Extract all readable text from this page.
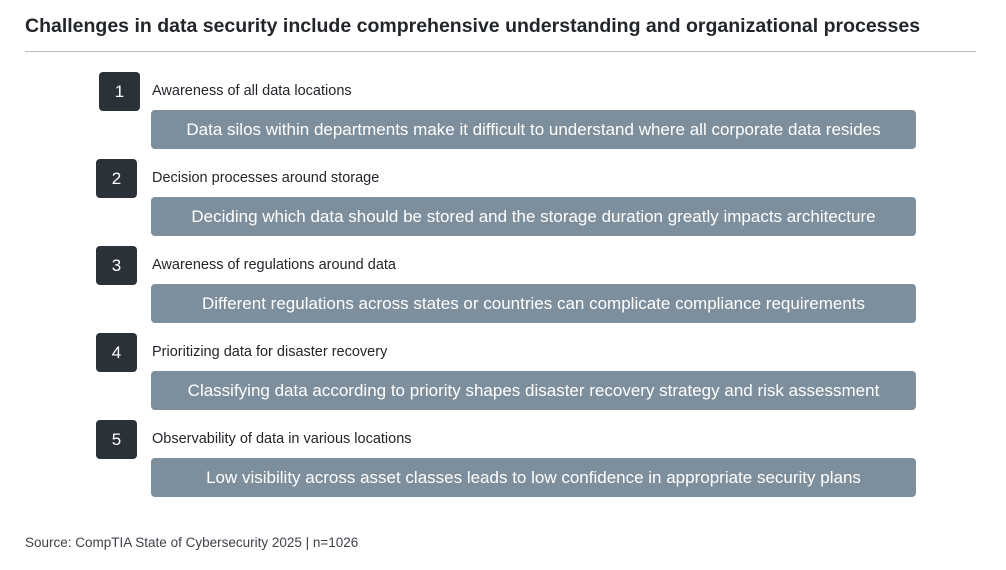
Challenges in data security include comprehensive understanding and organizational processes
1	Awareness of all data locations
Data silos within departments make it difficult to understand where all corporate data resides
2	Decision processes around storage
Deciding which data should be stored and the storage duration greatly impacts architecture
3	Awareness of regulations around data
Different regulations across states or countries can complicate compliance requirements
4	Prioritizing data for disaster recovery
Classifying data according to priority shapes disaster recovery strategy and risk assessment
5	Observability of data in various locations
Low visibility across asset classes leads to low confidence in appropriate security plans
Source: CompTIA State of Cybersecurity 2025 | n=1026
